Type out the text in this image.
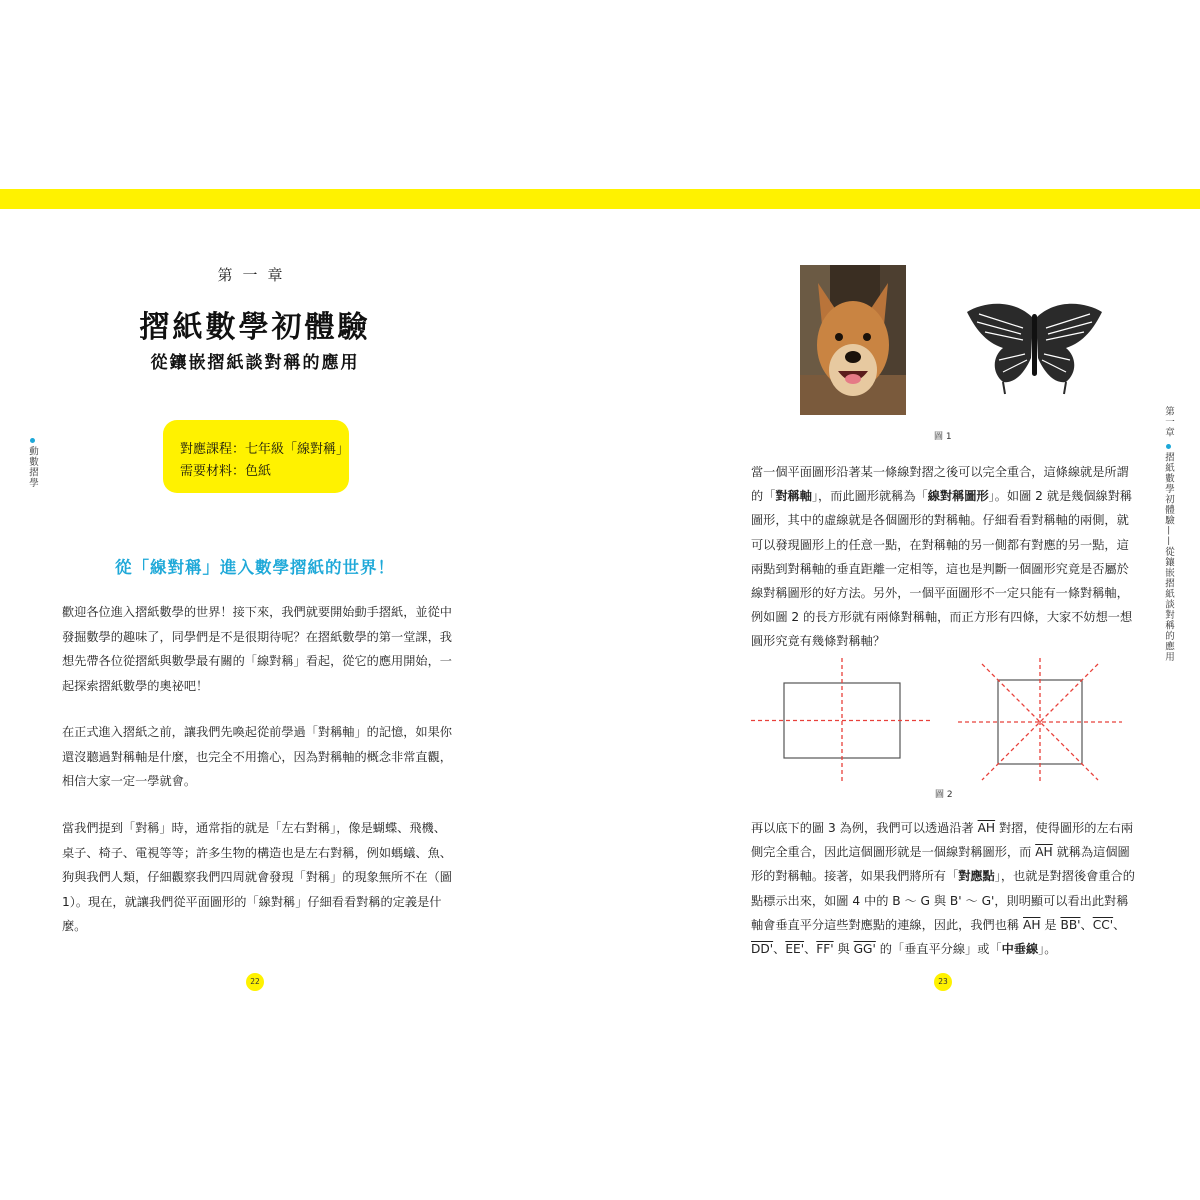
動數摺學
第一章
摺紙數學初體驗
從鑲嵌摺紙談對稱的應用
對應課程：七年級「線對稱」
需要材料：色紙
從「線對稱」進入數學摺紙的世界！
歡迎各位進入摺紙數學的世界！接下來，我們就要開始動手摺紙，並從中發掘數學的趣味了，同學們是不是很期待呢？在摺紙數學的第一堂課，我想先帶各位從摺紙與數學最有關的「線對稱」看起，從它的應用開始，一起探索摺紙數學的奧祕吧！
在正式進入摺紙之前，讓我們先喚起從前學過「對稱軸」的記憶，如果你還沒聽過對稱軸是什麼，也完全不用擔心，因為對稱軸的概念非常直觀，相信大家一定一學就會。
當我們提到「對稱」時，通常指的就是「左右對稱」，像是蝴蝶、飛機、桌子、椅子、電視等等；許多生物的構造也是左右對稱，例如螞蟻、魚、狗與我們人類，仔細觀察我們四周就會發現「對稱」的現象無所不在（圖 1）。現在，就讓我們從平面圖形的「線對稱」仔細看看對稱的定義是什麼。
22
圖 1
當一個平面圖形沿著某一條線對摺之後可以完全重合，這條線就是所謂的「對稱軸」，而此圖形就稱為「線對稱圖形」。如圖 2 就是幾個線對稱圖形，其中的虛線就是各個圖形的對稱軸。仔細看看對稱軸的兩側，就可以發現圖形上的任意一點，在對稱軸的另一側都有對應的另一點，這兩點到對稱軸的垂直距離一定相等，這也是判斷一個圖形究竟是否屬於線對稱圖形的好方法。另外，一個平面圖形不一定只能有一條對稱軸，例如圖 2 的長方形就有兩條對稱軸，而正方形有四條，大家不妨想一想圓形究竟有幾條對稱軸？
圖 2
再以底下的圖 3 為例，我們可以透過沿著 $\overline{AH}$ 對摺，使得圖形的左右兩側完全重合，因此這個圖形就是一個線對稱圖形，而 $\overline{AH}$ 就稱為這個圖形的對稱軸。接著，如果我們將所有「對應點」，也就是對摺後會重合的點標示出來，如圖 4 中的 B ～ G 與 B' ～ G'，則明顯可以看出此對稱軸會垂直平分這些對應點的連線，因此，我們也稱 $\overline{AH}$ 是 BB'、CC'、DD'、EE'、FF' 與 GG' 的「垂直平分線」或「中垂線」。
23
第一章
摺紙數學初體驗——從鑲嵌摺紙談對稱的應用
